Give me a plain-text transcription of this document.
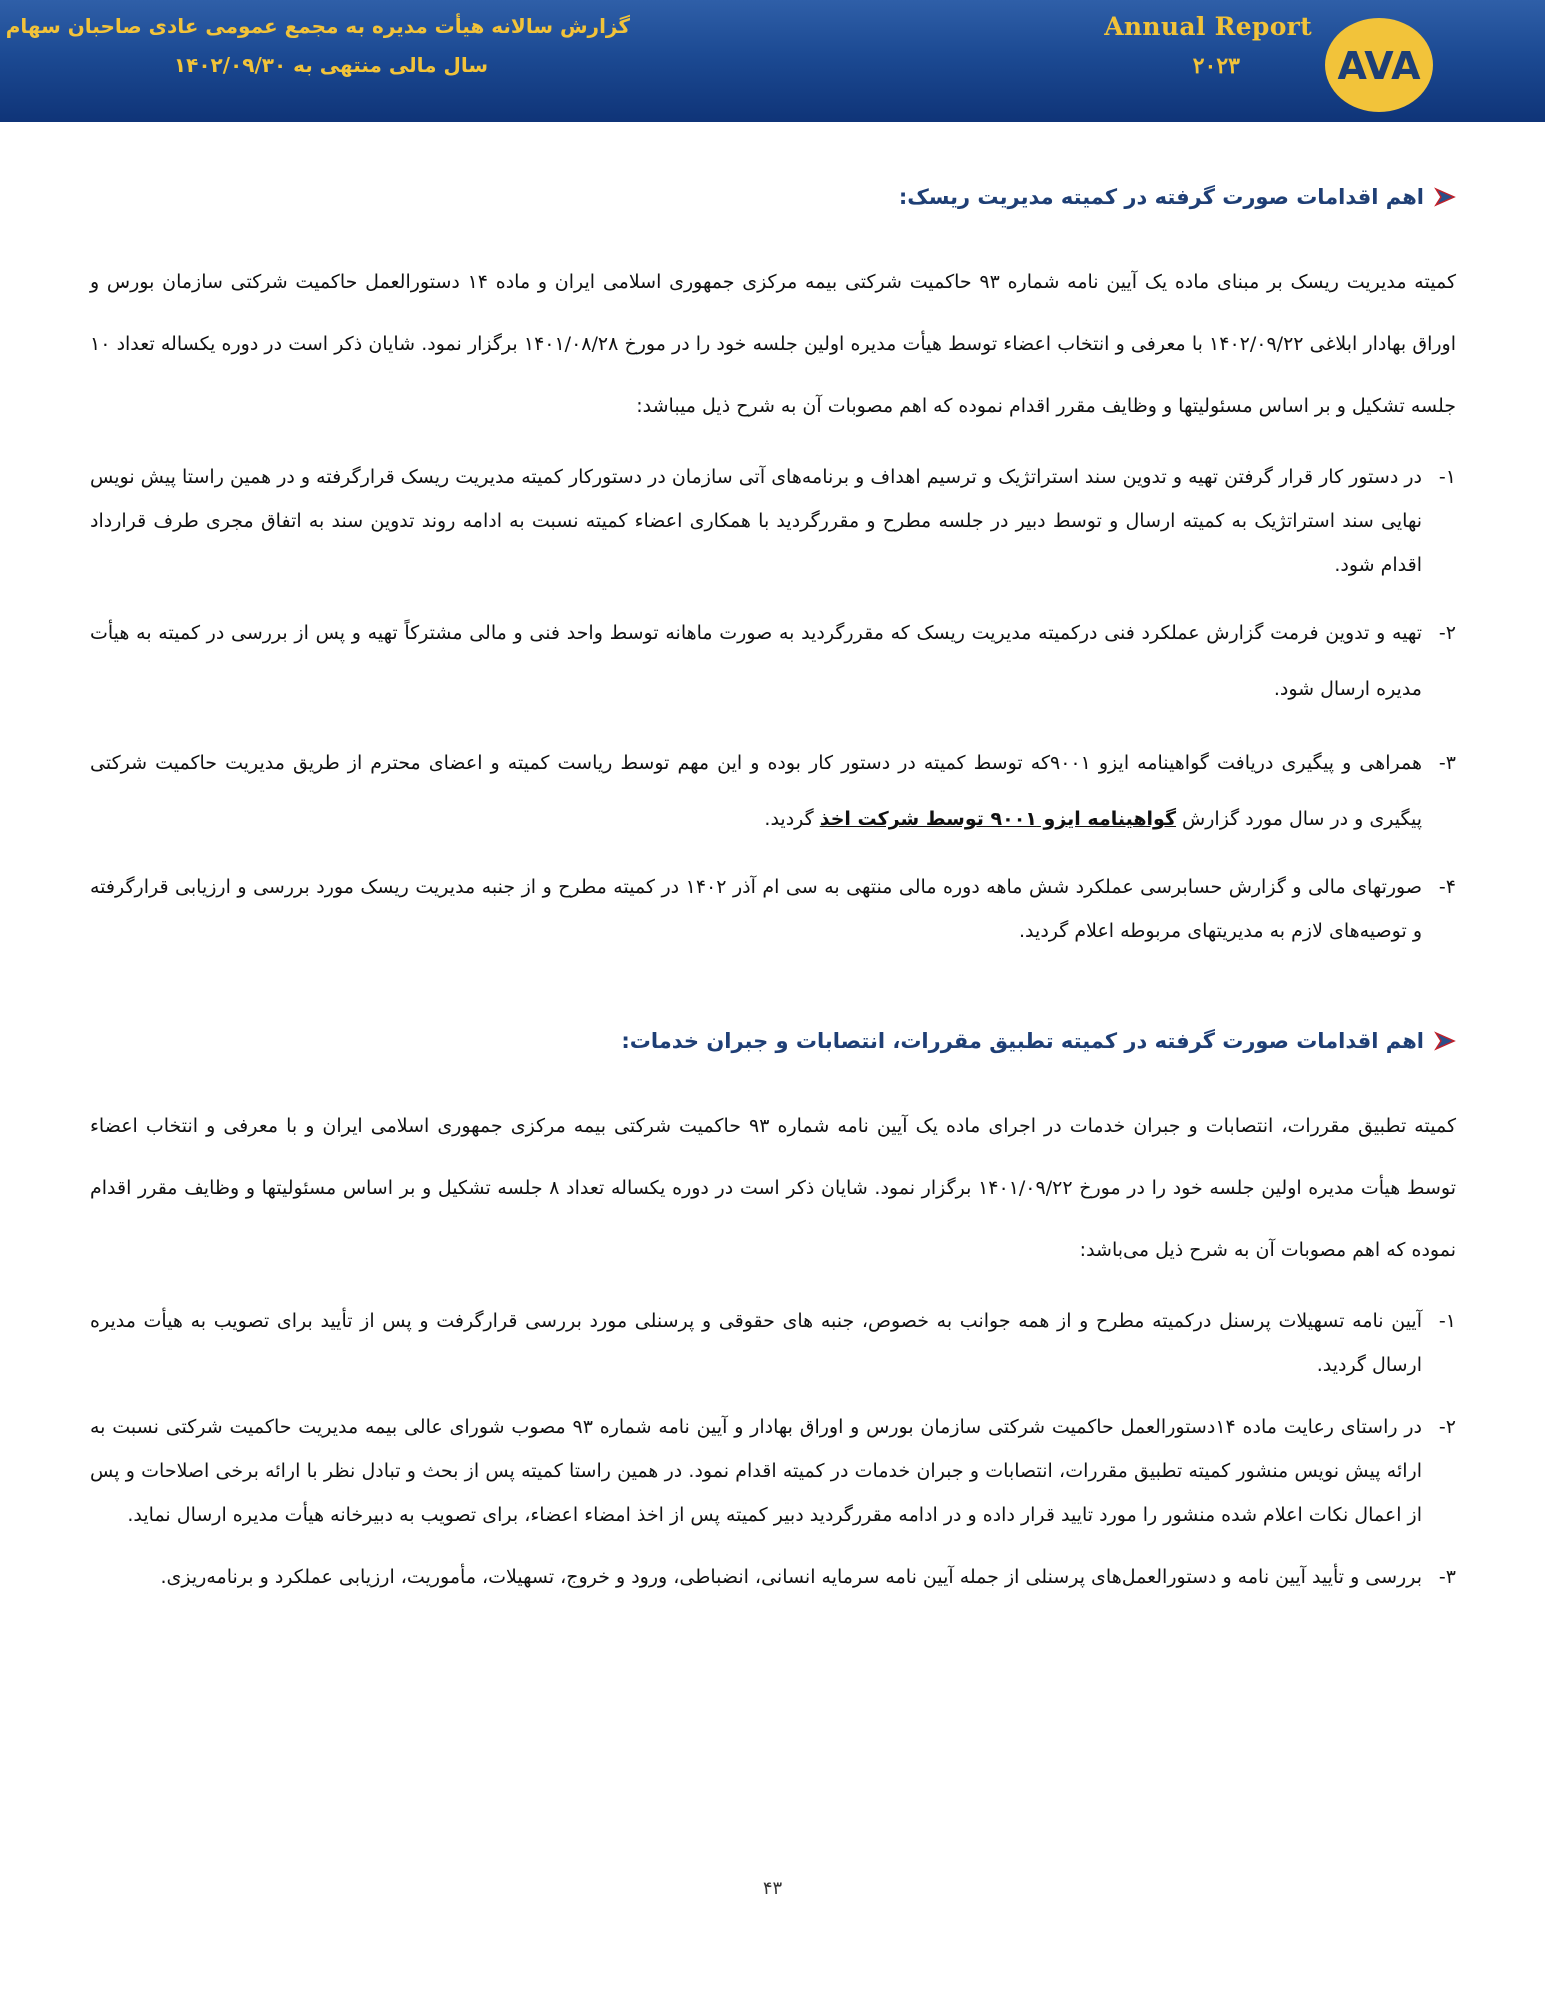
Annual Report
۲۰۲۳
گزارش سالانه هیأت مدیره به مجمع عمومی عادی صاحبان سهام
سال مالی منتهی به ۱۴۰۲/۰۹/۳۰	AVA
اهم اقدامات صورت گرفته در کمیته مدیریت ریسک:

کمیته مدیریت ریسک بر مبنای ماده یک آیین نامه شماره ۹۳ حاکمیت شرکتی بیمه مرکزی جمهوری اسلامی ایران و ماده ۱۴ دستورالعمل حاکمیت شرکتی سازمان بورس و اوراق بهادار ابلاغی ۱۴۰۲/۰۹/۲۲ با معرفی و انتخاب اعضاء توسط هیأت مدیره اولین جلسه خود را در مورخ ۱۴۰۱/۰۸/۲۸ برگزار نمود. شایان ذکر است در دوره یکساله تعداد ۱۰ جلسه تشکیل و بر اساس مسئولیتها و وظایف مقرر اقدام نموده که اهم مصوبات آن به شرح ذیل میباشد:

۱-
در دستور کار قرار گرفتن تهیه و تدوین سند استراتژیک و ترسیم اهداف و برنامه‌های آتی سازمان در دستورکار کمیته مدیریت ریسک قرارگرفته و در همین راستا پیش نویس نهایی سند استراتژیک به کمیته ارسال و توسط دبیر در جلسه مطرح و مقررگردید با همکاری اعضاء کمیته نسبت به ادامه روند تدوین سند به اتفاق مجری طرف قرارداد اقدام شود.
۲-
تهیه و تدوین فرمت گزارش عملکرد فنی درکمیته مدیریت ریسک که مقررگردید به صورت ماهانه توسط واحد فنی و مالی مشترکاً تهیه و پس از بررسی در کمیته به هیأت مدیره ارسال شود.
۳-
همراهی و پیگیری دریافت گواهینامه ایزو ۹۰۰۱که توسط کمیته در دستور کار بوده و این مهم توسط ریاست کمیته و اعضای محترم از طریق مدیریت حاکمیت شرکتی پیگیری و در سال مورد گزارش گواهینامه ایزو ۹۰۰۱ توسط شرکت اخذ گردید.
۴-
صورتهای مالی و گزارش حسابرسی عملکرد شش ماهه دوره مالی منتهی به سی ام آذر ۱۴۰۲ در کمیته مطرح و از جنبه مدیریت ریسک مورد بررسی و ارزیابی قرارگرفته و توصیه‌های لازم به مدیریتهای مربوطه اعلام گردید.
اهم اقدامات صورت گرفته در کمیته تطبیق مقررات، انتصابات و جبران خدمات:

کمیته تطبیق مقررات، انتصابات و جبران خدمات در اجرای ماده یک آیین نامه شماره ۹۳ حاکمیت شرکتی بیمه مرکزی جمهوری اسلامی ایران و با معرفی و انتخاب اعضاء توسط هیأت مدیره اولین جلسه خود را در مورخ ۱۴۰۱/۰۹/۲۲ برگزار نمود. شایان ذکر است در دوره یکساله تعداد ۸ جلسه تشکیل و بر اساس مسئولیتها و وظایف مقرر اقدام نموده که اهم مصوبات آن به شرح ذیل می‌باشد:

۱-
آیین نامه تسهیلات پرسنل درکمیته مطرح و از همه جوانب به خصوص، جنبه های حقوقی و پرسنلی مورد بررسی قرارگرفت و پس از تأیید برای تصویب به هیأت مدیره ارسال گردید.
۲-
در راستای رعایت ماده ۱۴دستورالعمل حاکمیت شرکتی سازمان بورس و اوراق بهادار و آیین نامه شماره ۹۳ مصوب شورای عالی بیمه مدیریت حاکمیت شرکتی نسبت به ارائه پیش نویس منشور کمیته تطبیق مقررات، انتصابات و جبران خدمات در کمیته اقدام نمود. در همین راستا کمیته پس از بحث و تبادل نظر با ارائه برخی اصلاحات و پس از اعمال نکات اعلام شده منشور را مورد تایید قرار داده و در ادامه مقررگردید دبیر کمیته پس از اخذ امضاء اعضاء، برای تصویب به دبیرخانه هیأت مدیره ارسال نماید.
۳-
بررسی و تأیید آیین نامه و دستورالعمل‌های پرسنلی از جمله آیین نامه سرمایه انسانی، انضباطی، ورود و خروج، تسهیلات، مأموریت، ارزیابی عملکرد و برنامه‌ریزی.
۴۳
